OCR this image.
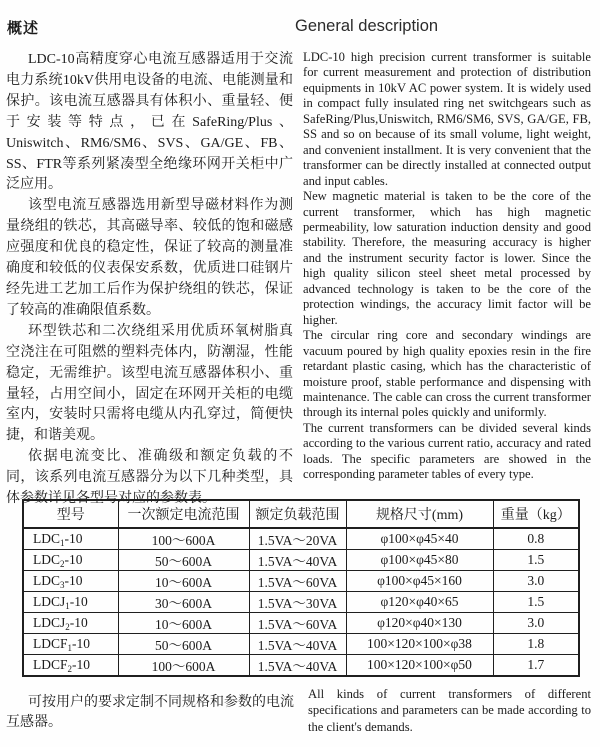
概述	General description

LDC-10高精度穿心电流互感器适用于交流电力系统10kV供用电设备的电流、电能测量和保护。该电流互感器具有体积小、重量轻、便于安装等特点，已在SafeRing/Plus、Uniswitch、RM6/SM6、SVS、GA/GE、FB、SS、FTR等系列紧凑型全绝缘环网开关柜中广泛应用。

该型电流互感器选用新型导磁材料作为测量绕组的铁芯，其高磁导率、较低的饱和磁感应强度和优良的稳定性，保证了较高的测量准确度和较低的仪表保安系数，优质进口硅钢片经先进工艺加工后作为保护绕组的铁芯，保证了较高的准确限值系数。

环型铁芯和二次绕组采用优质环氧树脂真空浇注在可阻燃的塑料壳体内，防潮湿，性能稳定，无需维护。该型电流互感器体积小、重量轻，占用空间小，固定在环网开关柜的电缆室内，安装时只需将电缆从内孔穿过，简便快捷，和谐美观。

依据电流变比、准确级和额定负载的不同，该系列电流互感器分为以下几种类型，具体参数详见各型号对应的参数表。

LDC-10 high precision current transformer is suitable for current measurement and protection of distribution equipments in 10kV AC power system. It is widely used in compact fully insulated ring net switchgears such as SafeRing/Plus,Uniswitch, RM6/SM6, SVS, GA/GE, FB, SS and so on because of its small volume, light weight, and convenient installment. It is very convenient that the transformer can be directly installed at connected output and input cables.

New magnetic material is taken to be the core of the current transformer, which has high magnetic permeability, low saturation induction density and good stability. Therefore, the measuring accuracy is higher and the instrument security factor is lower. Since the high quality silicon steel sheet metal processed by advanced technology is taken to be the core of the protection windings, the accuracy limit factor will be higher.

The circular ring core and secondary windings are vacuum poured by high quality epoxies resin in the fire retardant plastic casing, which has the characteristic of moisture proof, stable performance and dispensing with maintenance. The cable can cross the current transformer through its internal poles quickly and uniformly.

The current transformers can be divided several kinds according to the various current ratio, accuracy and rated loads. The specific parameters are showed in the corresponding parameter tables of every type.

型号	一次额定电流范围	额定负载范围	规格尺寸(mm)	重量（kg）
$LDC_1-10$	100～600A	1.5VA～20VA	φ100×φ45×40	0.8
$LDC_2-10$	50～600A	1.5VA～40VA	φ100×φ45×80	1.5
$LDC_3-10$	10～600A	1.5VA～60VA	φ100×φ45×160	3.0
$LDCJ_1-10$	30～600A	1.5VA～30VA	φ120×φ40×65	1.5
$LDCJ_2-10$	10～600A	1.5VA～60VA	φ120×φ40×130	3.0
$LDCF_1-10$	50～600A	1.5VA～40VA	100×120×100×φ38	1.8
$LDCF_2-10$	100～600A	1.5VA～40VA	100×120×100×φ50	1.7
可按用户的要求定制不同规格和参数的电流互感器。
All kinds of current transformers of different specifications and parameters can be made according to the client's demands.
